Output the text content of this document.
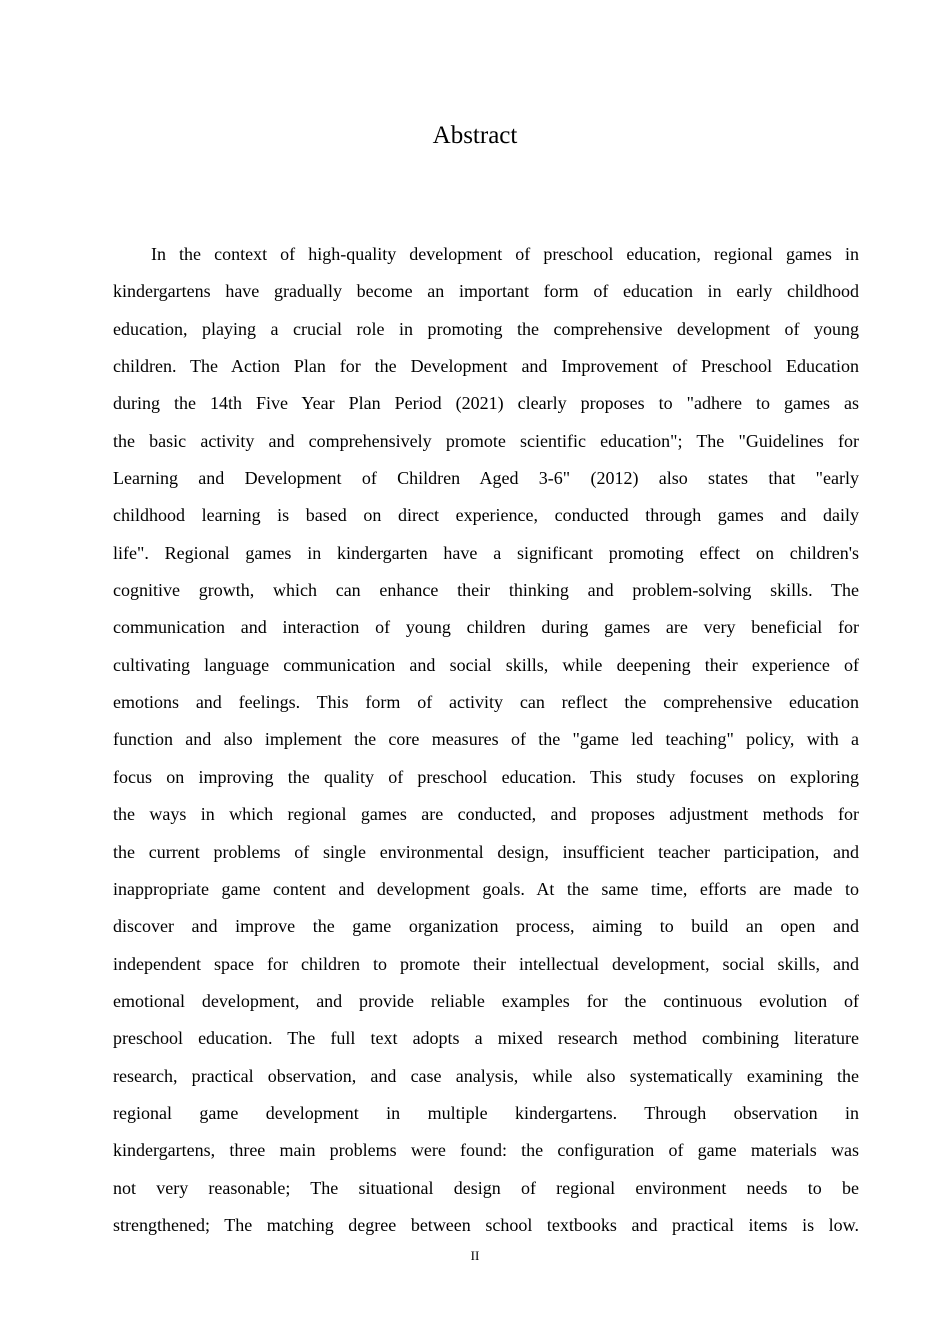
Abstract
In the context of high-quality development of preschool education, regional games in
kindergartens have gradually become an important form of education in early childhood
education, playing a crucial role in promoting the comprehensive development of young
children. The Action Plan for the Development and Improvement of Preschool Education
during the 14th Five Year Plan Period (2021) clearly proposes to "adhere to games as
the basic activity and comprehensively promote scientific education"; The "Guidelines for
Learning and Development of Children Aged 3-6" (2012) also states that "early
childhood learning is based on direct experience, conducted through games and daily
life". Regional games in kindergarten have a significant promoting effect on children's
cognitive growth, which can enhance their thinking and problem-solving skills. The
communication and interaction of young children during games are very beneficial for
cultivating language communication and social skills, while deepening their experience of
emotions and feelings. This form of activity can reflect the comprehensive education
function and also implement the core measures of the "game led teaching" policy, with a
focus on improving the quality of preschool education. This study focuses on exploring
the ways in which regional games are conducted, and proposes adjustment methods for
the current problems of single environmental design, insufficient teacher participation, and
inappropriate game content and development goals. At the same time, efforts are made to
discover and improve the game organization process, aiming to build an open and
independent space for children to promote their intellectual development, social skills, and
emotional development, and provide reliable examples for the continuous evolution of
preschool education. The full text adopts a mixed research method combining literature
research, practical observation, and case analysis, while also systematically examining the
regional game development in multiple kindergartens. Through observation in
kindergartens, three main problems were found: the configuration of game materials was
not very reasonable; The situational design of regional environment needs to be
strengthened; The matching degree between school textbooks and practical items is low.
II
